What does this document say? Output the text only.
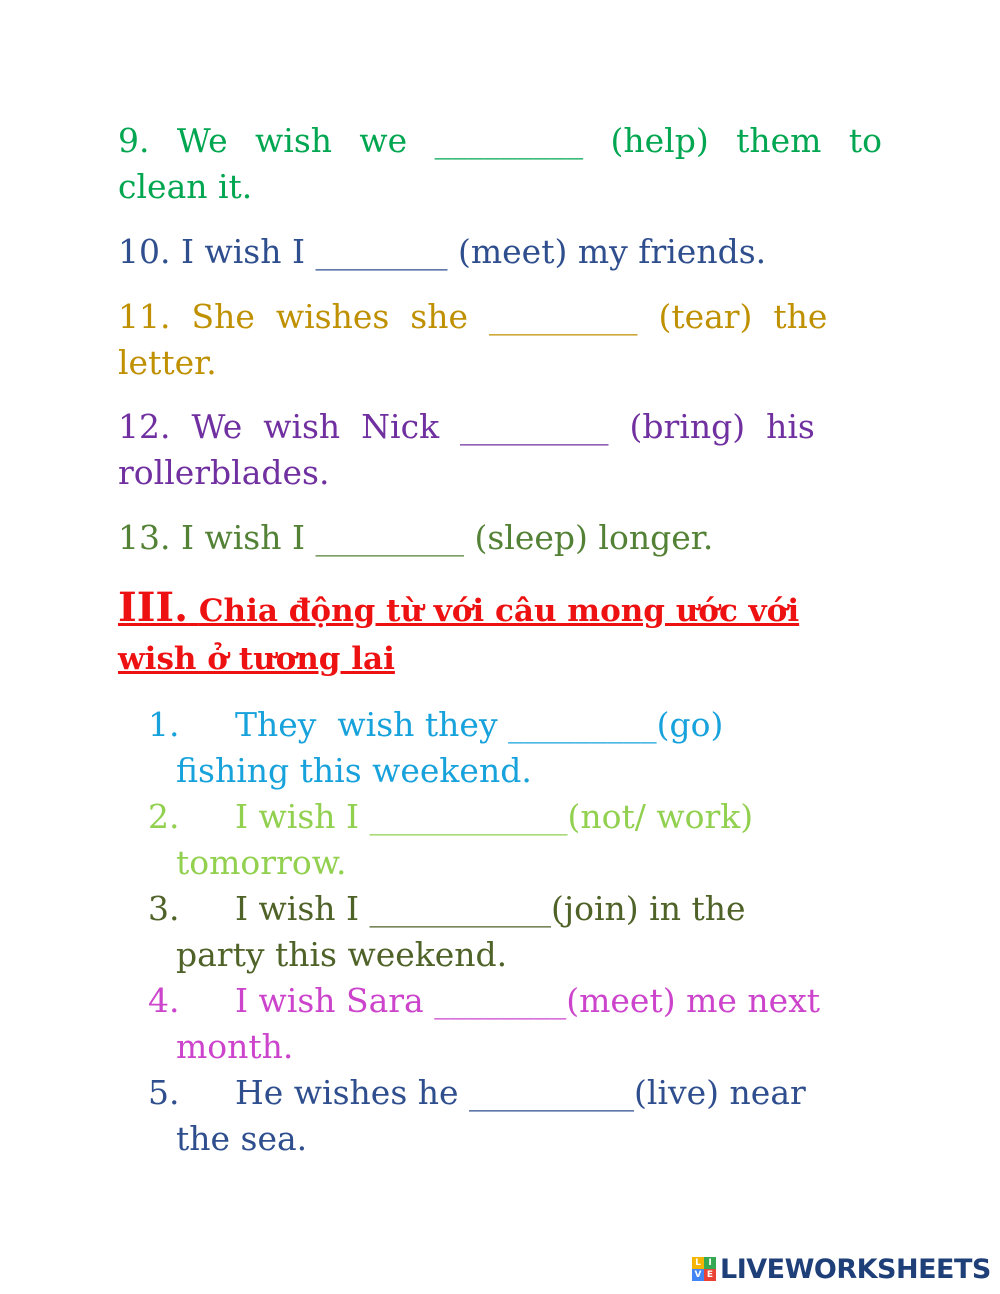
9.  We  wish  we  _________  (help)  them  to
clean it.
10. I wish I ________ (meet) my friends.
11.  She  wishes  she  _________  (tear)  the
letter.
12.  We  wish  Nick  _________  (bring)  his
rollerblades.
13. I wish I _________ (sleep) longer.
III. Chia động từ với câu mong ước với
wish ở tương lai
1. They  wish they _________(go)
fishing this weekend.
2. I wish I ____________(not/ work)
tomorrow.
3. I wish I ___________(join) in the
party this weekend.
4. I wish Sara ________(meet) me next
month.
5. He wishes he __________(live) near
the sea.
L I
V E LIVEWORKSHEETS
